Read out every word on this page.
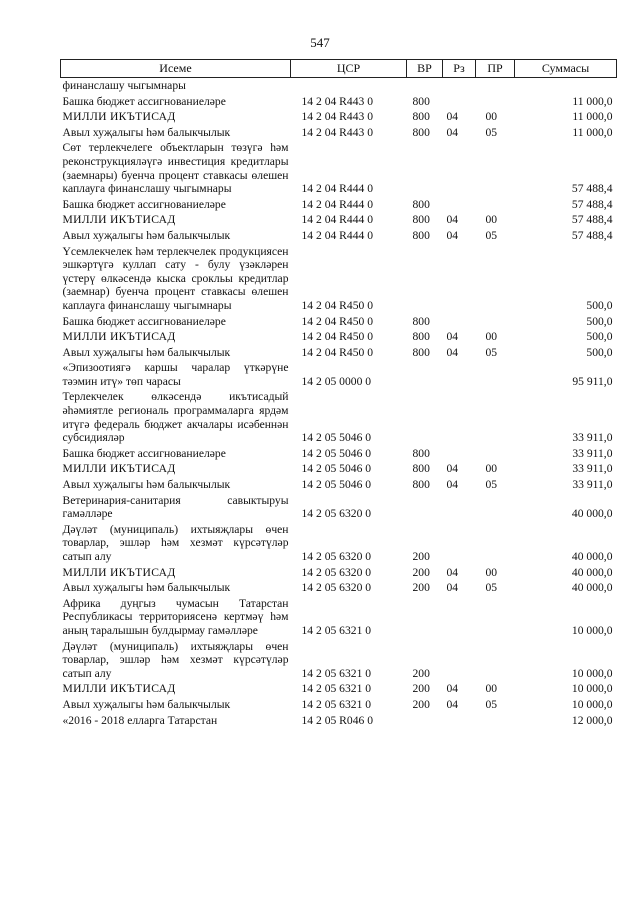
547
Исеме	ЦСР	ВР	Рз	ПР	Суммасы
финанслашу чыгымнары					
Башка бюджет ассигнованиеләре	14 2 04 R443 0	800			11 000,0
МИЛЛИ ИКЪТИСАД	14 2 04 R443 0	800	04	00	11 000,0
Авыл хуҗалыгы һәм балыкчылык	14 2 04 R443 0	800	04	05	11 000,0
Сөт терлекчелеге объектларын төзүгә һәм реконструкцияләүгә инвестиция кредитлары (заемнары) буенча процент ставкасы өлешен каплауга финанслашу чыгымнары	14 2 04 R444 0				57 488,4
Башка бюджет ассигнованиеләре	14 2 04 R444 0	800			57 488,4
МИЛЛИ ИКЪТИСАД	14 2 04 R444 0	800	04	00	57 488,4
Авыл хуҗалыгы һәм балыкчылык	14 2 04 R444 0	800	04	05	57 488,4
Үсемлекчелек һәм терлекчелек продукциясен эшкәртүгә куллап сату - булу үзәкләрен үстерү өлкәсендә кыска срокльы кредитлар (заемнар) буенча процент ставкасы өлешен каплауга финанслашу чыгымнары	14 2 04 R450 0				500,0
Башка бюджет ассигнованиеләре	14 2 04 R450 0	800			500,0
МИЛЛИ ИКЪТИСАД	14 2 04 R450 0	800	04	00	500,0
Авыл хуҗалыгы һәм балыкчылык	14 2 04 R450 0	800	04	05	500,0
«Эпизоотиягә каршы чаралар үткәрүне тәэмин итү» төп чарасы	14 2 05 0000 0				95 911,0
Терлекчелек өлкәсендә икътисадый әһәмиятле региональ программаларга ярдәм итүгә федераль бюджет акчалары исәбеннән субсидияләр	14 2 05 5046 0				33 911,0
Башка бюджет ассигнованиеләре	14 2 05 5046 0	800			33 911,0
МИЛЛИ ИКЪТИСАД	14 2 05 5046 0	800	04	00	33 911,0
Авыл хуҗалыгы һәм балыкчылык	14 2 05 5046 0	800	04	05	33 911,0
Ветеринария-санитария савыктыруы гамәлләре	14 2 05 6320 0				40 000,0
Дәүләт (муниципаль) ихтыяҗлары өчен товарлар, эшләр һәм хезмәт күрсәтүләр сатып алу	14 2 05 6320 0	200			40 000,0
МИЛЛИ ИКЪТИСАД	14 2 05 6320 0	200	04	00	40 000,0
Авыл хуҗалыгы һәм балыкчылык	14 2 05 6320 0	200	04	05	40 000,0
Африка дуңгыз чумасын Татарстан Республикасы территориясенә кертмәү һәм аның таралышын булдырмау гамәлләре	14 2 05 6321 0				10 000,0
Дәүләт (муниципаль) ихтыяҗлары өчен товарлар, эшләр һәм хезмәт күрсәтүләр сатып алу	14 2 05 6321 0	200			10 000,0
МИЛЛИ ИКЪТИСАД	14 2 05 6321 0	200	04	00	10 000,0
Авыл хуҗалыгы һәм балыкчылык	14 2 05 6321 0	200	04	05	10 000,0
«2016 - 2018 елларга Татарстан	14 2 05 R046 0				12 000,0
